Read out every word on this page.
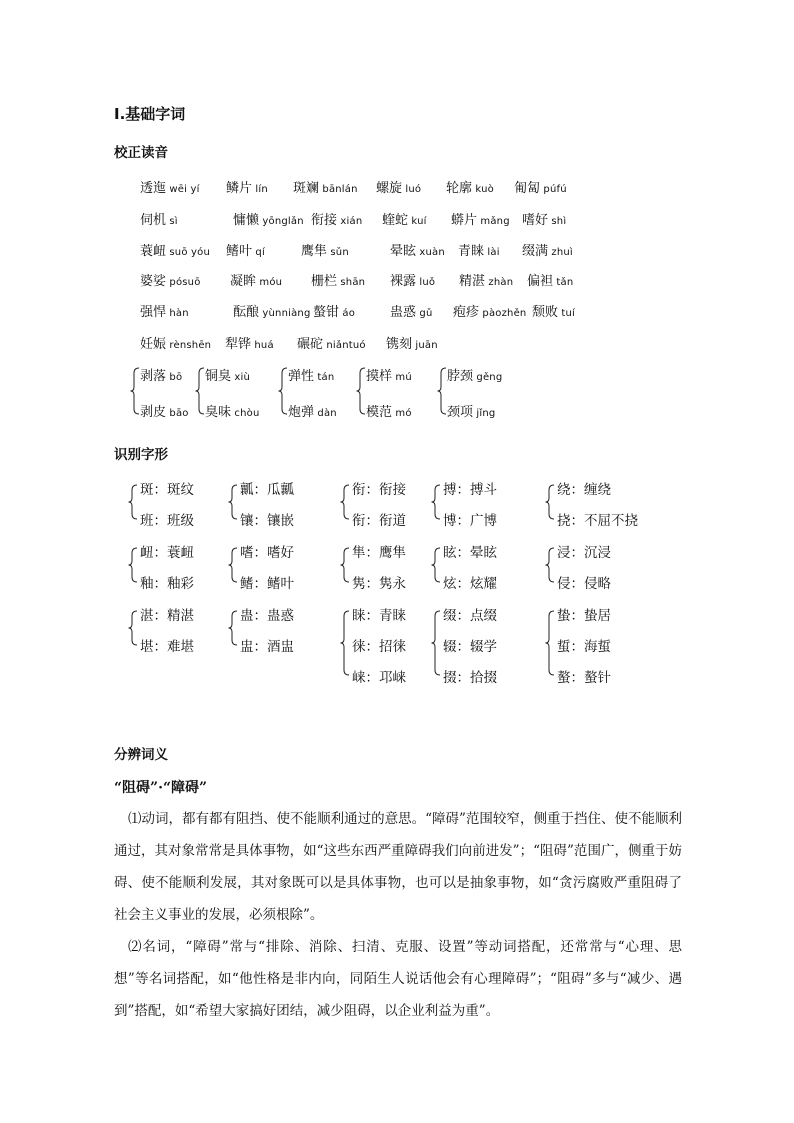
I.基础字词
校正读音
透迤 wēi yí 鳞片 lín 斑斓 bānlán 螺旋 luó 轮廓 kuò 匍匐 púfú
伺机 sì	慵懒 yōnglǎn 衔接 xián 蝰蛇 kuí 蟒片 mǎng 嗜好 shì
蓑衄 suō yóu 鳍叶 qí	鹰隼 sǔn	晕眩 xuàn 青睐 lài 缀满 zhuì
婆娑 pósuō 凝眸 móu 栅栏 shān 裸露 luǒ 精湛 zhàn 偏袒 tǎn
强悍 hàn	酝酿 yùnniàng 螯钳 áo	蛊惑 gǔ 疱疹 pàozhěn 颓败 tuí
妊娠 rènshēn 犁铧 huá 碾砣 niǎntuó 镌刻 juān
剥落 bō
剥皮 bāo
铜臭 xiù
臭味 chòu
弹性 tán
炮弹 dàn
摸样 mú
模范 mó
脖颈 gěng
颈项 jǐng
识别字形
斑：斑纹
班：班级
瓤：瓜瓤
镶：镶嵌
衔：衔接
衔：衔道
搏：搏斗
博：广博
绕：缠绕
挠：不屈不挠
衄：蓑衄
釉：釉彩
嗜：嗜好
鳍：鳍叶
隼：鹰隼
隽：隽永
眩：晕眩
炫：炫耀
浸：沉浸
侵：侵略
湛：精湛
堪：难堪
蛊：蛊惑
盅：酒盅
睐：青睐
徕：招徕
崃：邛崃
缀：点缀
辍：辍学
掇：拾掇
蛰：蛰居
蜇：海蜇
螯：螯针
分辨词义
“阻碍”·“障碍”

⑴动词，都有都有阻挡、使不能顺利通过的意思。“障碍”范围较窄，侧重于挡住、使不能顺利通过，其对象常常是具体事物，如“这些东西严重障碍我们向前进发”；“阻碍”范围广，侧重于妨碍、使不能顺利发展，其对象既可以是具体事物，也可以是抽象事物，如“贪污腐败严重阻碍了社会主义事业的发展，必须根除”。

⑵名词，“障碍”常与“排除、消除、扫清、克服、设置”等动词搭配，还常常与“心理、思想”等名词搭配，如“他性格是非内向，同陌生人说话他会有心理障碍”；“阻碍”多与“减少、遇到”搭配，如“希望大家搞好团结，减少阻碍，以企业利益为重”。
